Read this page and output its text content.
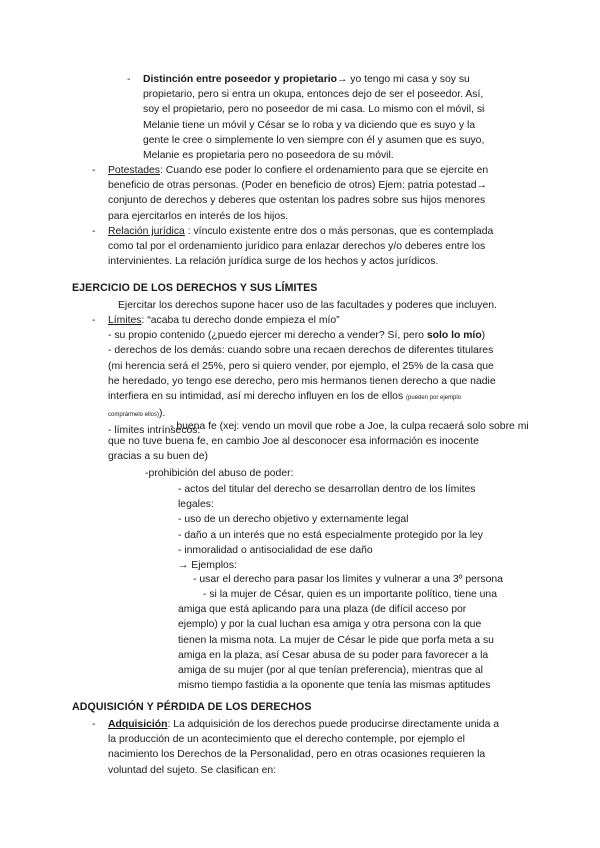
- Distinción entre poseedor y propietario→ yo tengo mi casa y soy su
propietario, pero si entra un okupa, entonces dejo de ser el poseedor. Así,
soy el propietario, pero no poseedor de mi casa. Lo mismo con el móvil, si
Melanie tiene un móvil y César se lo roba y va diciendo que es suyo y la
gente le cree o simplemente lo ven siempre con él y asumen que es suyo,
Melanie es propietaria pero no poseedora de su móvil.
- Potestades: Cuando ese poder lo confiere el ordenamiento para que se ejercite en
beneficio de otras personas. (Poder en beneficio de otros) Ejem: patria potestad→
conjunto de derechos y deberes que ostentan los padres sobre sus hijos menores
para ejercitarlos en interés de los hijos.
- Relación jurídica : vínculo existente entre dos o más personas, que es contemplada
como tal por el ordenamiento jurídico para enlazar derechos y/o deberes entre los
intervinientes. La relación jurídica surge de los hechos y actos jurídicos.
EJERCICIO DE LOS DERECHOS Y SUS LÍMITES
Ejercitar los derechos supone hacer uso de las facultades y poderes que incluyen.
- Límites: “acaba tu derecho donde empieza el mío”
- su propio contenido (¿puedo ejercer mi derecho a vender? Sí, pero solo lo mío)
- derechos de los demás: cuando sobre una recaen derechos de diferentes titulares
(mi herencia será el 25%, pero si quiero vender, por ejemplo, el 25% de la casa que
he heredado, yo tengo ese derecho, pero mis hermanos tienen derecho a que nadie
interfiera en su intimidad, así mi derecho influyen en los de ellos (pueden por ejemplo
comprármelo ellos)).
- límites intrínsecos:
- buena fe (xej: vendo un movil que robe a Joe, la culpa recaerá solo sobre mi
que no tuve buena fe, en cambio Joe al desconocer esa información es inocente
gracias a su buen de)
-prohibición del abuso de poder:
- actos del titular del derecho se desarrollan dentro de los límites
legales:
- uso de un derecho objetivo y externamente legal
- daño a un interés que no está especialmente protegido por la ley
- inmoralidad o antisocialidad de ese daño
→ Ejemplos:
- usar el derecho para pasar los límites y vulnerar a una 3º persona
- si la mujer de César, quien es un importante político, tiene una
amiga que está aplicando para una plaza (de difícil acceso por
ejemplo) y por la cual luchan esa amiga y otra persona con la que
tienen la misma nota. La mujer de César le pide que porfa meta a su
amiga en la plaza, así Cesar abusa de su poder para favorecer a la
amiga de su mujer (por al que tenían preferencia), mientras que al
mismo tiempo fastidia a la oponente que tenía las mismas aptitudes
ADQUISICIÓN Y PÉRDIDA DE LOS DERECHOS
- Adquisición: La adquisición de los derechos puede producirse directamente unida a
la producción de un acontecimiento que el derecho contemple, por ejemplo el
nacimiento los Derechos de la Personalidad, pero en otras ocasiones requieren la
voluntad del sujeto. Se clasifican en:
